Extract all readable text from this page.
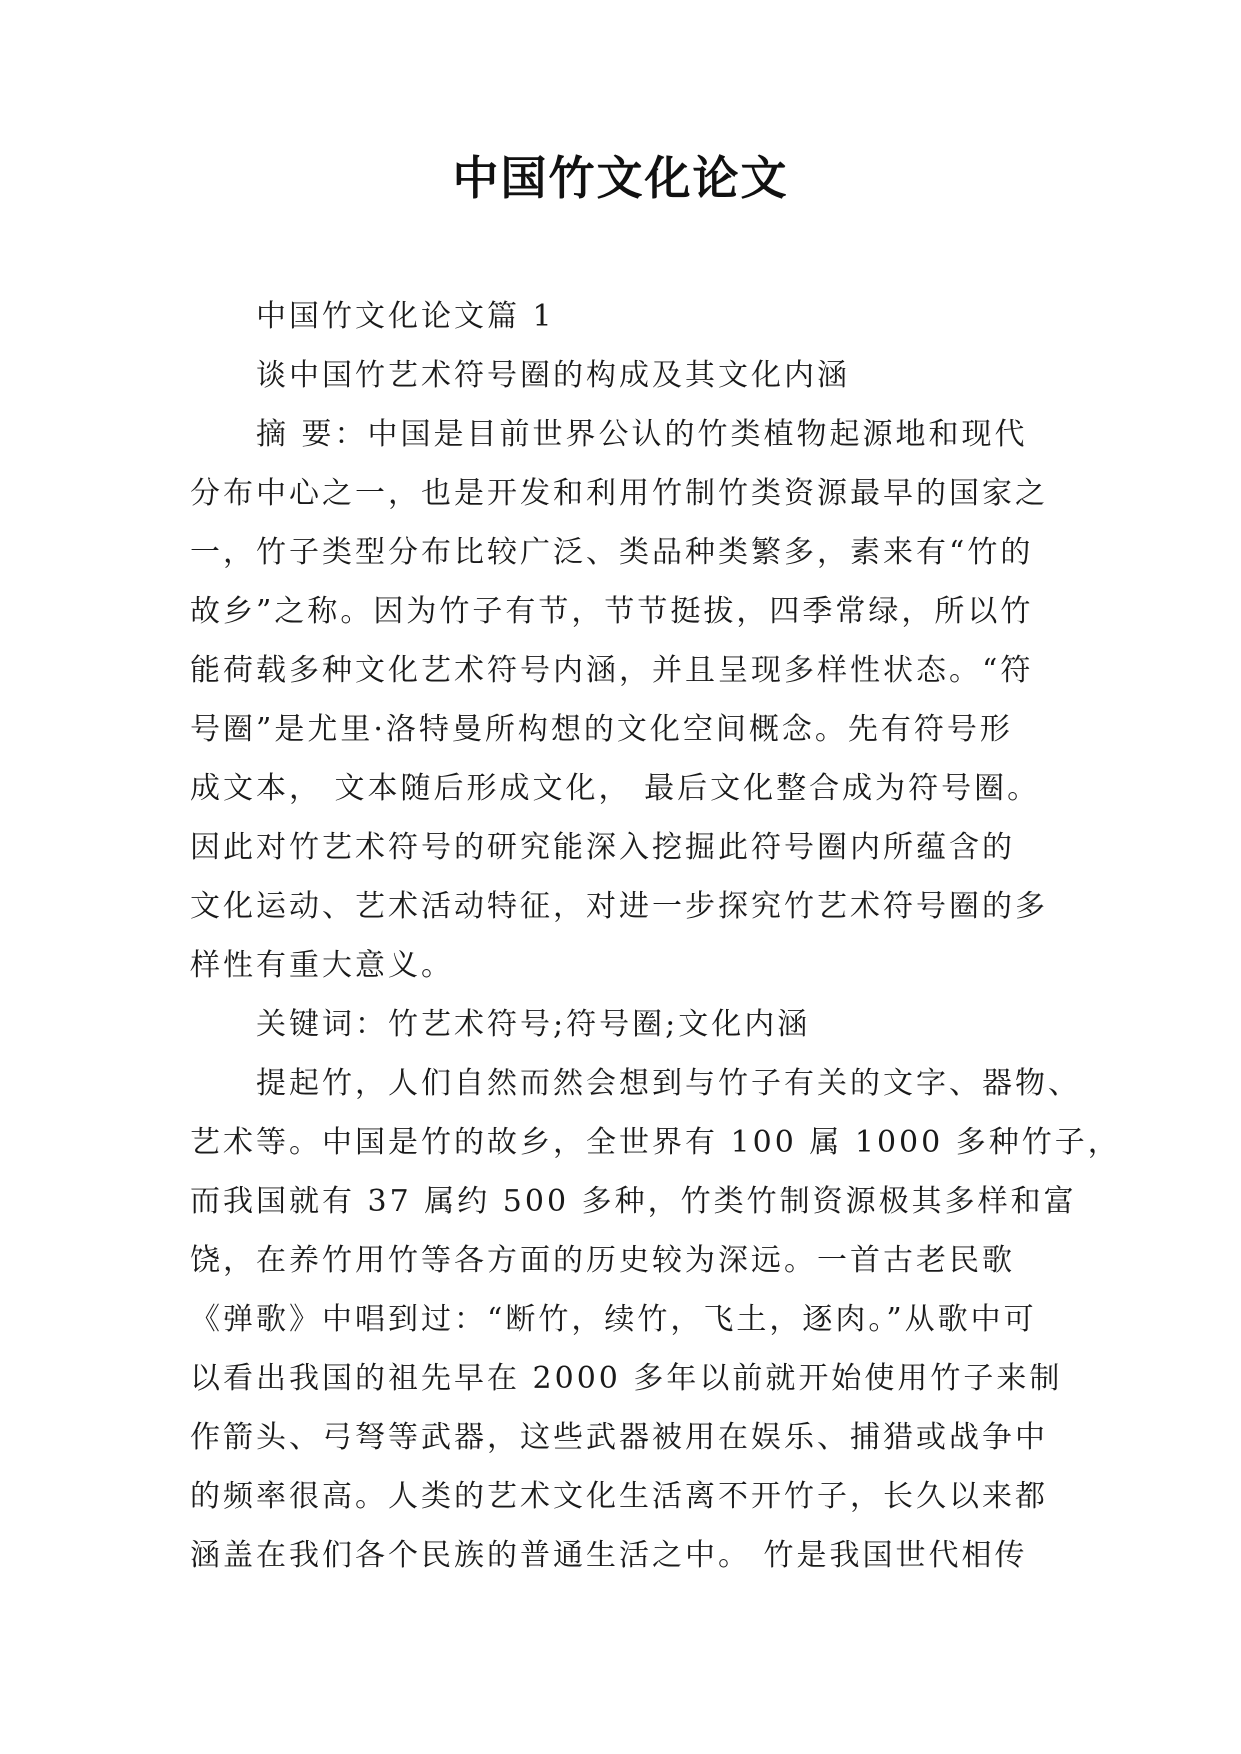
中国竹文化论文
中国竹文化论文篇 1
谈中国竹艺术符号圈的构成及其文化内涵
摘 要：中国是目前世界公认的竹类植物起源地和现代
分布中心之一，也是开发和利用竹制竹类资源最早的国家之
一，竹子类型分布比较广泛、类品种类繁多，素来有“竹的
故乡”之称。因为竹子有节，节节挺拔，四季常绿，所以竹
能荷载多种文化艺术符号内涵，并且呈现多样性状态。“符
号圈”是尤里·洛特曼所构想的文化空间概念。先有符号形
成文本， 文本随后形成文化， 最后文化整合成为符号圈。
因此对竹艺术符号的研究能深入挖掘此符号圈内所蕴含的
文化运动、艺术活动特征，对进一步探究竹艺术符号圈的多
样性有重大意义。
关键词：竹艺术符号;符号圈;文化内涵
提起竹，人们自然而然会想到与竹子有关的文字、器物、
艺术等。中国是竹的故乡，全世界有 100 属 1000 多种竹子，
而我国就有 37 属约 500 多种，竹类竹制资源极其多样和富
饶，在养竹用竹等各方面的历史较为深远。一首古老民歌
《弹歌》中唱到过：“断竹，续竹，飞土，逐肉。”从歌中可
以看出我国的祖先早在 2000 多年以前就开始使用竹子来制
作箭头、弓弩等武器，这些武器被用在娱乐、捕猎或战争中
的频率很高。人类的艺术文化生活离不开竹子，长久以来都
涵盖在我们各个民族的普通生活之中。 竹是我国世代相传
